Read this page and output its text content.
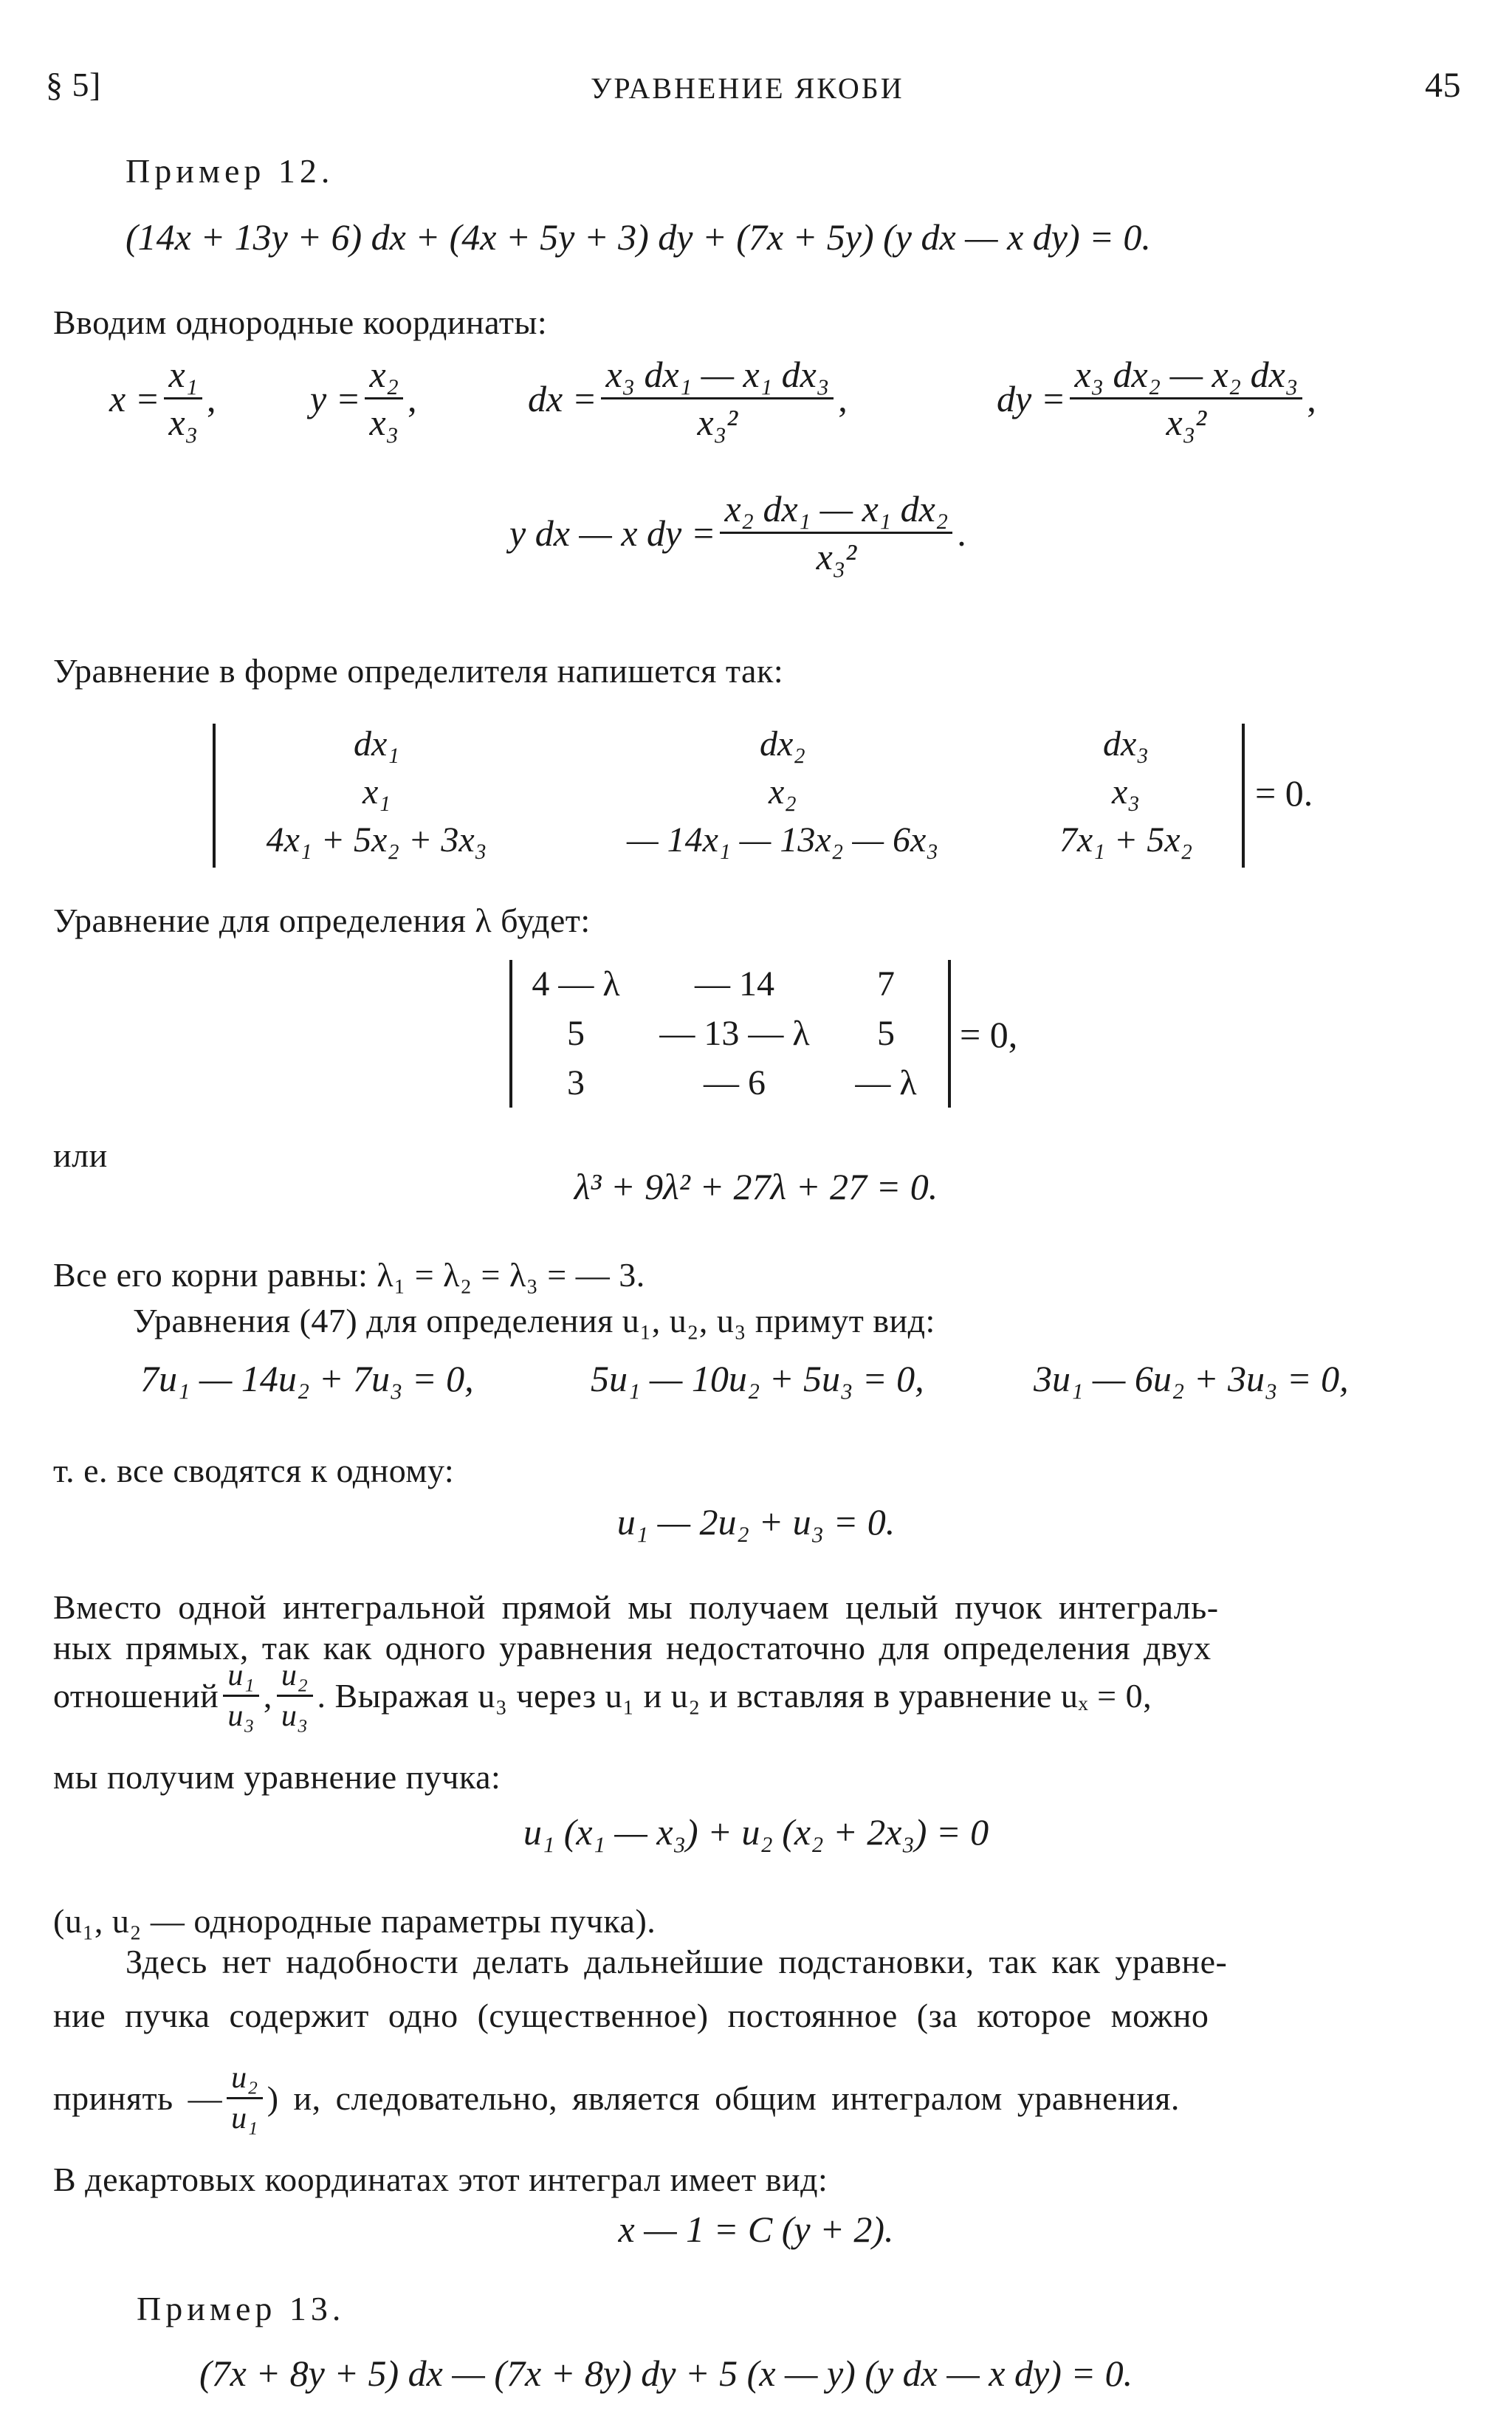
§ 5]	УРАВНЕНИЕ ЯКОБИ	45
Пример 12.
(14x + 13y + 6) dx + (4x + 5y + 3) dy + (7x + 5y) (y dx — x dy) = 0.
Вводим однородные координаты:
$x = \frac{\text{x₁}}{\text{x₃}}$ ,	$y = \frac{\text{x₂}}{\text{x₃}}$ ,	dx = $\frac{\text{x₃ dx₁ — x₁ dx₃}}{\text{x₃²}}$ ,	dy = $\frac{\text{x₃ dx₂ — x₂ dx₃}}{\text{x₃²}}$ ,
y dx — x dy = $\frac{\text{x₂ dx₁ — x₁ dx₂}}{\text{x₃²}}$ .
Уравнение в форме определителя напишется так:
dx₁	dx₂	dx₃
x₁	x₂	x₃
4x₁ + 5x₂ + 3x₃	— 14x₁ — 13x₂ — 6x₃	7x₁ + 5x₂
= 0.
Уравнение для определения λ будет:
4 — λ	— 14	7
5	— 13 — λ	5
3	— 6	— λ
= 0,
или
λ³ + 9λ² + 27λ + 27 = 0.
Все его корни равны: λ₁ = λ₂ = λ₃ = — 3.
Уравнения (47) для определения u₁, u₂, u₃ примут вид:
7u₁ — 14u₂ + 7u₃ = 0,	5u₁ — 10u₂ + 5u₃ = 0,	3u₁ — 6u₂ + 3u₃ = 0,
т. е. все сводятся к одному:
u₁ — 2u₂ + u₃ = 0.
Вместо одной интегральной прямой мы получаем целый пучок интеграль-
ных прямых, так как одного уравнения недостаточно для определения двух
отношений $\frac{\text{u₁}}{\text{u₃}}$ , $\frac{\text{u₂}}{\text{u₃}}$ . Выражая u₃ через u₁ и u₂ и вставляя в уравнение uₓ = 0,
мы получим уравнение пучка:
u₁ (x₁ — x₃) + u₂ (x₂ + 2x₃) = 0
(u₁, u₂ — однородные параметры пучка).
Здесь нет надобности делать дальнейшие подстановки, так как уравне-
ние пучка содержит одно (существенное) постоянное (за которое можно
принять — $\frac{\text{u₂}}{\text{u₁}}$ ) и, следовательно, является общим интегралом уравнения.
В декартовых координатах этот интеграл имеет вид:
x — 1 = C (y + 2).
Пример 13.
(7x + 8y + 5) dx — (7x + 8y) dy + 5 (x — y) (y dx — x dy) = 0.
